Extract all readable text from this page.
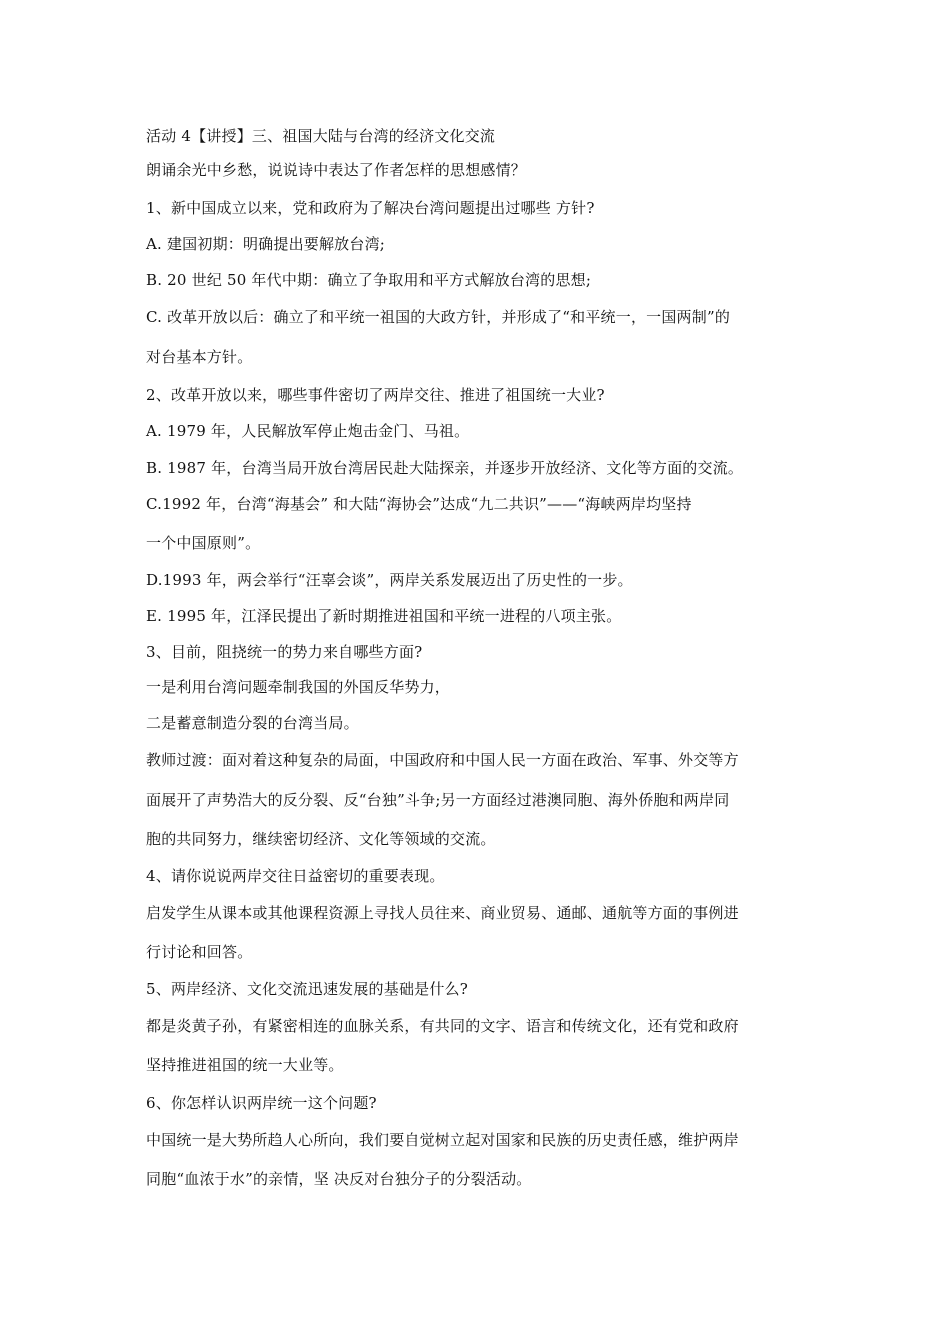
活动 4【讲授】三、祖国大陆与台湾的经济文化交流
朗诵余光中乡愁，说说诗中表达了作者怎样的思想感情？
1、新中国成立以来，党和政府为了解决台湾问题提出过哪些 方针?
A. 建国初期：明确提出要解放台湾;
B. 20 世纪 50 年代中期：确立了争取用和平方式解放台湾的思想;
C. 改革开放以后：确立了和平统一祖国的大政方针，并形成了“和平统一，一国两制”的
对台基本方针。
2、改革开放以来，哪些事件密切了两岸交往、推进了祖国统一大业?
A. 1979 年，人民解放军停止炮击金门、马祖。
B. 1987 年，台湾当局开放台湾居民赴大陆探亲，并逐步开放经济、文化等方面的交流。
C.1992 年，台湾“海基会” 和大陆“海协会”达成“九二共识”——“海峡两岸均坚持
一个中国原则”。
D.1993 年，两会举行“汪辜会谈”，两岸关系发展迈出了历史性的一步。
E. 1995 年，江泽民提出了新时期推进祖国和平统一进程的八项主张。
3、目前，阻挠统一的势力来自哪些方面?
一是利用台湾问题牵制我国的外国反华势力，
二是蓄意制造分裂的台湾当局。
教师过渡：面对着这种复杂的局面，中国政府和中国人民一方面在政治、军事、外交等方
面展开了声势浩大的反分裂、反“台独”斗争;另一方面经过港澳同胞、海外侨胞和两岸同
胞的共同努力，继续密切经济、文化等领域的交流。
4、请你说说两岸交往日益密切的重要表现。
启发学生从课本或其他课程资源上寻找人员往来、商业贸易、通邮、通航等方面的事例进
行讨论和回答。
5、两岸经济、文化交流迅速发展的基础是什么?
都是炎黄子孙，有紧密相连的血脉关系，有共同的文字、语言和传统文化，还有党和政府
坚持推进祖国的统一大业等。
6、你怎样认识两岸统一这个问题?
中国统一是大势所趋人心所向，我们要自觉树立起对国家和民族的历史责任感，维护两岸
同胞“血浓于水”的亲情，坚 决反对台独分子的分裂活动。
